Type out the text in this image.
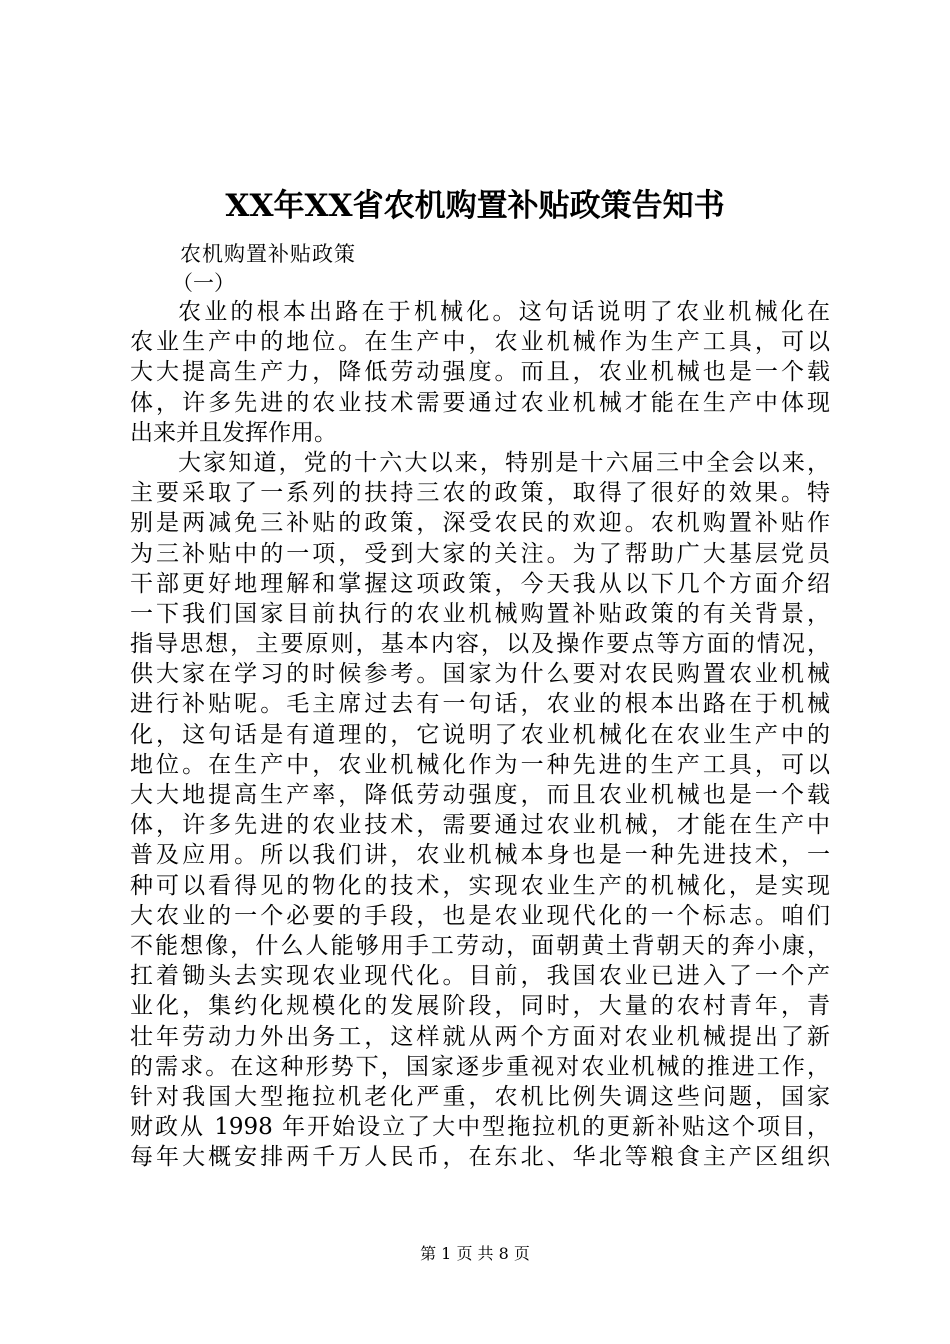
XX年XX省农机购置补贴政策告知书
农机购置补贴政策
（一）
农业的根本出路在于机械化。这句话说明了农业机械化在
农业生产中的地位。在生产中，农业机械作为生产工具，可以
大大提高生产力，降低劳动强度。而且，农业机械也是一个载
体，许多先进的农业技术需要通过农业机械才能在生产中体现
出来并且发挥作用。
大家知道，党的十六大以来，特别是十六届三中全会以来，
主要采取了一系列的扶持三农的政策，取得了很好的效果。特
别是两减免三补贴的政策，深受农民的欢迎。农机购置补贴作
为三补贴中的一项，受到大家的关注。为了帮助广大基层党员
干部更好地理解和掌握这项政策，今天我从以下几个方面介绍
一下我们国家目前执行的农业机械购置补贴政策的有关背景，
指导思想，主要原则，基本内容，以及操作要点等方面的情况，
供大家在学习的时候参考。国家为什么要对农民购置农业机械
进行补贴呢。毛主席过去有一句话，农业的根本出路在于机械
化，这句话是有道理的，它说明了农业机械化在农业生产中的
地位。在生产中，农业机械化作为一种先进的生产工具，可以
大大地提高生产率，降低劳动强度，而且农业机械也是一个载
体，许多先进的农业技术，需要通过农业机械，才能在生产中
普及应用。所以我们讲，农业机械本身也是一种先进技术，一
种可以看得见的物化的技术，实现农业生产的机械化，是实现
大农业的一个必要的手段，也是农业现代化的一个标志。咱们
不能想像，什么人能够用手工劳动，面朝黄土背朝天的奔小康，
扛着锄头去实现农业现代化。目前，我国农业已进入了一个产
业化，集约化规模化的发展阶段，同时，大量的农村青年，青
壮年劳动力外出务工，这样就从两个方面对农业机械提出了新
的需求。在这种形势下，国家逐步重视对农业机械的推进工作，
针对我国大型拖拉机老化严重，农机比例失调这些问题，国家
财政从 1998 年开始设立了大中型拖拉机的更新补贴这个项目，
每年大概安排两千万人民币，在东北、华北等粮食主产区组织
第 1 页 共 8 页
